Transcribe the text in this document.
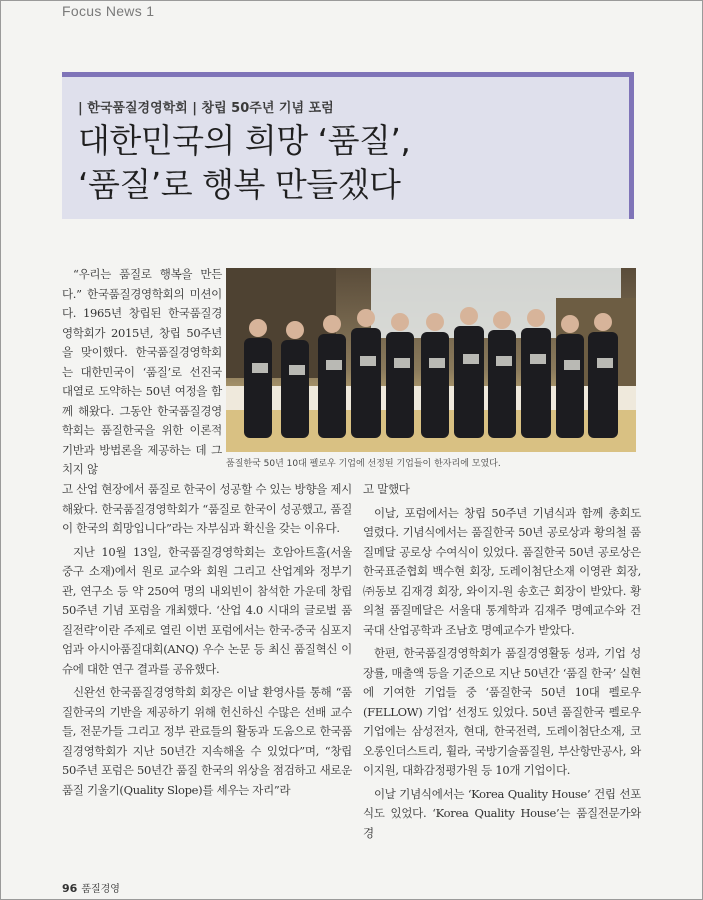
Focus News 1
| 한국품질경영학회 | 창립 50주년 기념 포럼
대한민국의 희망 ‘품질’,
‘품질’로 행복 만들겠다

“우리는 품질로 행복을 만든다.” 한국품질경영학회의 미션이다. 1965년 창립된 한국품질경영학회가 2015년, 창립 50주년을 맞이했다. 한국품질경영학회는 대한민국이 ‘품질’로 선진국 대열로 도약하는 50년 여정을 함께 해왔다. 그동안 한국품질경영학회는 품질한국을 위한 이론적 기반과 방법론을 제공하는 데 그치지 않	품질한국 50년 10대 펠로우 기업에 선정된 기업들이 한자리에 모였다.

고 산업 현장에서 품질로 한국이 성공할 수 있는 방향을 제시해왔다. 한국품질경영학회가 “품질로 한국이 성공했고, 품질이 한국의 희망입니다”라는 자부심과 확신을 갖는 이유다.

지난 10월 13일, 한국품질경영학회는 호암아트홀(서울 중구 소재)에서 원로 교수와 회원 그리고 산업계와 정부기관, 연구소 등 약 250여 명의 내외빈이 참석한 가운데 창립 50주년 기념 포럼을 개최했다. ‘산업 4.0 시대의 글로벌 품질전략’이란 주제로 열린 이번 포럼에서는 한국-중국 심포지엄과 아시아품질대회(ANQ) 우수 논문 등 최신 품질혁신 이슈에 대한 연구 결과를 공유했다.

신완선 한국품질경영학회 회장은 이날 환영사를 통해 “품질한국의 기반을 제공하기 위해 헌신하신 수많은 선배 교수들, 전문가들 그리고 정부 관료들의 활동과 도움으로 한국품질경영학회가 지난 50년간 지속해올 수 있었다”며, “창립 50주년 포럼은 50년간 품질 한국의 위상을 점검하고 새로운 품질 기울기(Quality Slope)를 세우는 자리”라

고 말했다

이날, 포럼에서는 창립 50주년 기념식과 함께 총회도 열렸다. 기념식에서는 품질한국 50년 공로상과 황의철 품질메달 공로상 수여식이 있었다. 품질한국 50년 공로상은 한국표준협회 백수현 회장, 도레이첨단소재 이영관 회장, ㈜동보 김재경 회장, 와이지-원 송호근 회장이 받았다. 황의철 품질메달은 서울대 통계학과 김재주 명예교수와 건국대 산업공학과 조남호 명예교수가 받았다.

한편, 한국품질경영학회가 품질경영활동 성과, 기업 성장률, 매출액 등을 기준으로 지난 50년간 ‘품질 한국’ 실현에 기여한 기업들 중 ‘품질한국 50년 10대 펠로우(FELLOW) 기업’ 선정도 있었다. 50년 품질한국 펠로우 기업에는 삼성전자, 현대, 한국전력, 도레이첨단소재, 코오롱인더스트리, 휠라, 국방기술품질원, 부산항만공사, 와이지원, 대화감정평가원 등 10개 기업이다.

이날 기념식에서는 ‘Korea Quality House’ 건립 선포식도 있었다. ‘Korea Quality House’는 품질전문가와 경

96 품질경영
